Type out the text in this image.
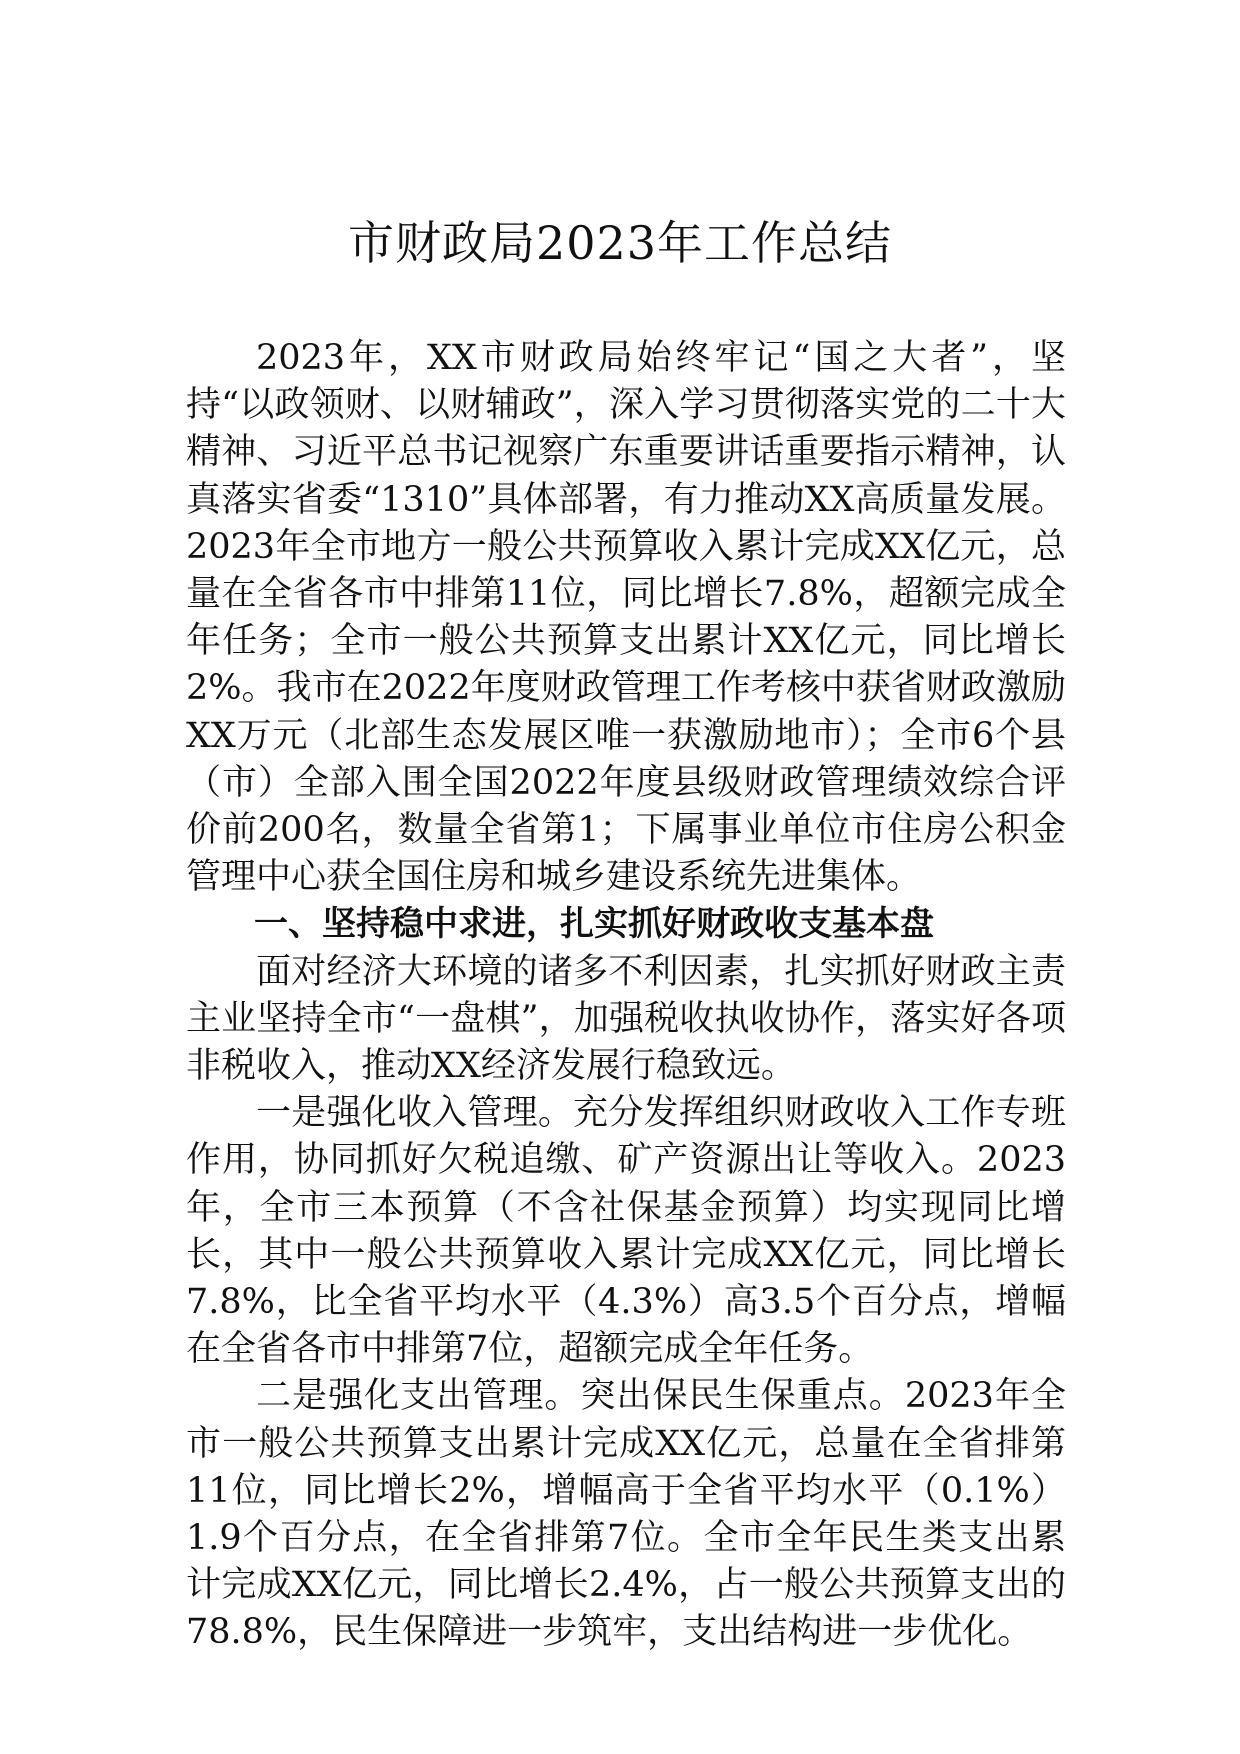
市财政局2023年工作总结

2023年，XX市财政局始终牢记“国之大者”，坚持“以政领财、以财辅政”，深入学习贯彻落实党的二十大精神、习近平总书记视察广东重要讲话重要指示精神，认真落实省委“1310”具体部署，有力推动XX高质量发展。2023年全市地方一般公共预算收入累计完成XX亿元，总量在全省各市中排第11位，同比增长7.8%，超额完成全年任务；全市一般公共预算支出累计XX亿元，同比增长2%。我市在2022年度财政管理工作考核中获省财政激励XX万元（北部生态发展区唯一获激励地市）；全市6个县（市）全部入围全国2022年度县级财政管理绩效综合评价前200名，数量全省第1；下属事业单位市住房公积金管理中心获全国住房和城乡建设系统先进集体。

一、坚持稳中求进，扎实抓好财政收支基本盘

面对经济大环境的诸多不利因素，扎实抓好财政主责主业坚持全市“一盘棋”，加强税收执收协作，落实好各项非税收入，推动XX经济发展行稳致远。

一是强化收入管理。充分发挥组织财政收入工作专班作用，协同抓好欠税追缴、矿产资源出让等收入。2023年，全市三本预算（不含社保基金预算）均实现同比增长，其中一般公共预算收入累计完成XX亿元，同比增长7.8%，比全省平均水平（4.3%）高3.5个百分点，增幅在全省各市中排第7位，超额完成全年任务。

二是强化支出管理。突出保民生保重点。2023年全市一般公共预算支出累计完成XX亿元，总量在全省排第11位，同比增长2%，增幅高于全省平均水平（0.1%）1.9个百分点，在全省排第7位。全市全年民生类支出累计完成XX亿元，同比增长2.4%，占一般公共预算支出的78.8%，民生保障进一步筑牢，支出结构进一步优化。
